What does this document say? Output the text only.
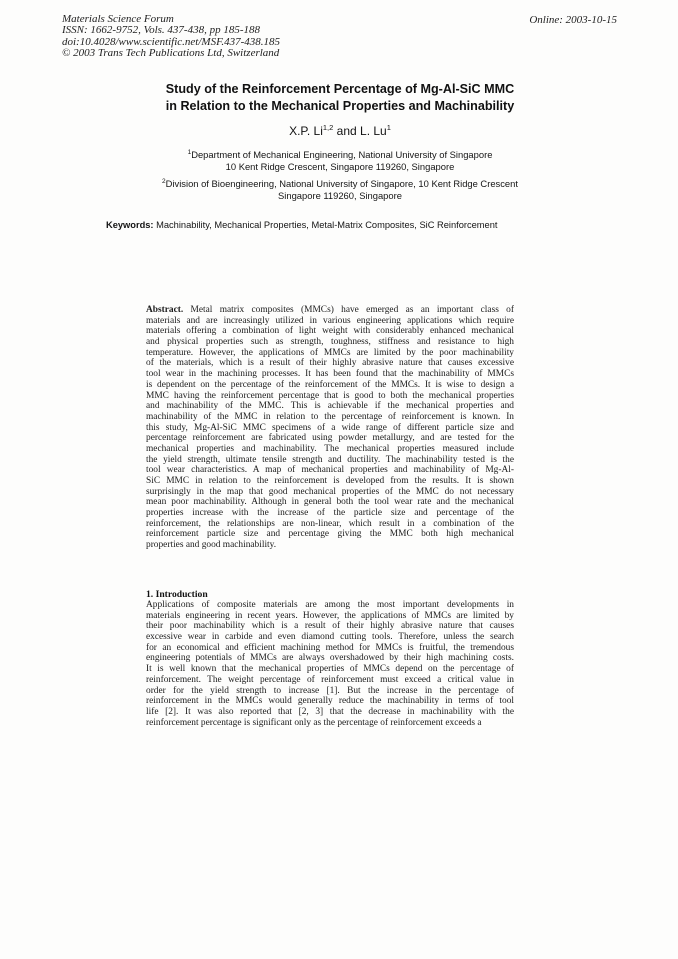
Materials Science Forum
ISSN: 1662-9752, Vols. 437-438, pp 185-188
doi:10.4028/www.scientific.net/MSF.437-438.185
© 2003 Trans Tech Publications Ltd, Switzerland
Online: 2003-10-15
Study of the Reinforcement Percentage of Mg-Al-SiC MMC
in Relation to the Mechanical Properties and Machinability
X.P. Li$^{1,2}$ and L. Lu$^1$
$^1$Department of Mechanical Engineering, National University of Singapore
10 Kent Ridge Crescent, Singapore 119260, Singapore
$^2$Division of Bioengineering, National University of Singapore, 10 Kent Ridge Crescent
Singapore 119260, Singapore
Keywords: Machinability, Mechanical Properties, Metal-Matrix Composites, SiC Reinforcement
Abstract. Metal matrix composites (MMCs) have emerged as an important class of
materials and are increasingly utilized in various engineering applications which require
materials offering a combination of light weight with considerably enhanced mechanical
and physical properties such as strength, toughness, stiffness and resistance to high
temperature. However, the applications of MMCs are limited by the poor machinability
of the materials, which is a result of their highly abrasive nature that causes excessive
tool wear in the machining processes. It has been found that the machinability of MMCs
is dependent on the percentage of the reinforcement of the MMCs. It is wise to design a
MMC having the reinforcement percentage that is good to both the mechanical properties
and machinability of the MMC. This is achievable if the mechanical properties and
machinability of the MMC in relation to the percentage of reinforcement is known. In
this study, Mg-Al-SiC MMC specimens of a wide range of different particle size and
percentage reinforcement are fabricated using powder metallurgy, and are tested for the
mechanical properties and machinability. The mechanical properties measured include
the yield strength, ultimate tensile strength and ductility. The machinability tested is the
tool wear characteristics. A map of mechanical properties and machinability of Mg-Al-
SiC MMC in relation to the reinforcement is developed from the results. It is shown
surprisingly in the map that good mechanical properties of the MMC do not necessary
mean poor machinability. Although in general both the tool wear rate and the mechanical
properties increase with the increase of the particle size and percentage of the
reinforcement, the relationships are non-linear, which result in a combination of the
reinforcement particle size and percentage giving the MMC both high mechanical
properties and good machinability.
1. Introduction
Applications of composite materials are among the most important developments in
materials engineering in recent years. However, the applications of MMCs are limited by
their poor machinability which is a result of their highly abrasive nature that causes
excessive wear in carbide and even diamond cutting tools. Therefore, unless the search
for an economical and efficient machining method for MMCs is fruitful, the tremendous
engineering potentials of MMCs are always overshadowed by their high machining costs.
It is well known that the mechanical properties of MMCs depend on the percentage of
reinforcement. The weight percentage of reinforcement must exceed a critical value in
order for the yield strength to increase [1]. But the increase in the percentage of
reinforcement in the MMCs would generally reduce the machinability in terms of tool
life [2]. It was also reported that [2, 3] that the decrease in machinability with the
reinforcement percentage is significant only as the percentage of reinforcement exceeds a
